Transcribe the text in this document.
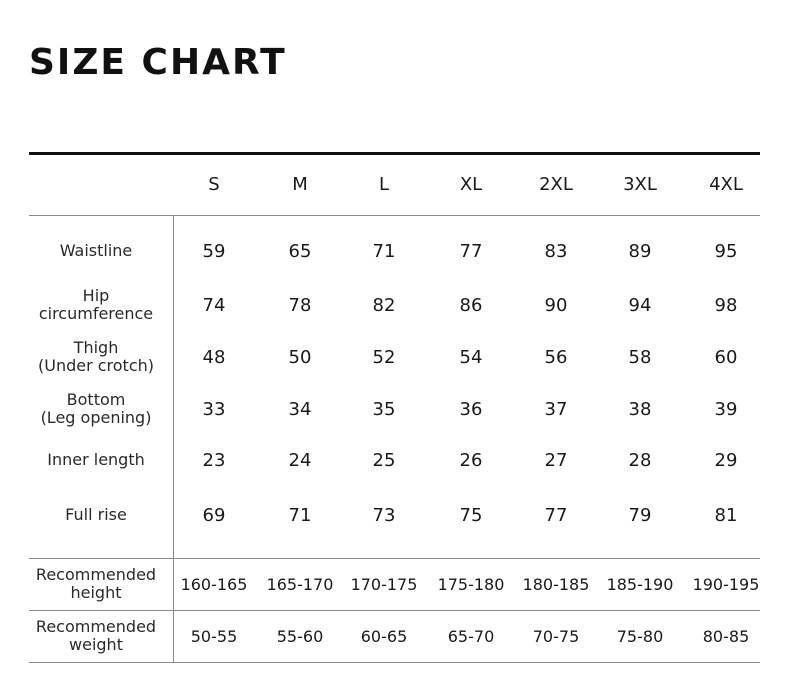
SIZE CHART
S	M	L	XL	2XL	3XL	4XL
Waistline	59	65	71	77	83	89	95
Hip
circumference	74	78	82	86	90	94	98
Thigh
(Under crotch)	48	50	52	54	56	58	60
Bottom
(Leg opening)	33	34	35	36	37	38	39
Inner length	23	24	25	26	27	28	29
Full rise	69	71	73	75	77	79	81
Recommended
height	160-165	165-170	170-175	175-180	180-185	185-190	190-195
Recommended
weight	50-55	55-60	60-65	65-70	70-75	75-80	80-85
